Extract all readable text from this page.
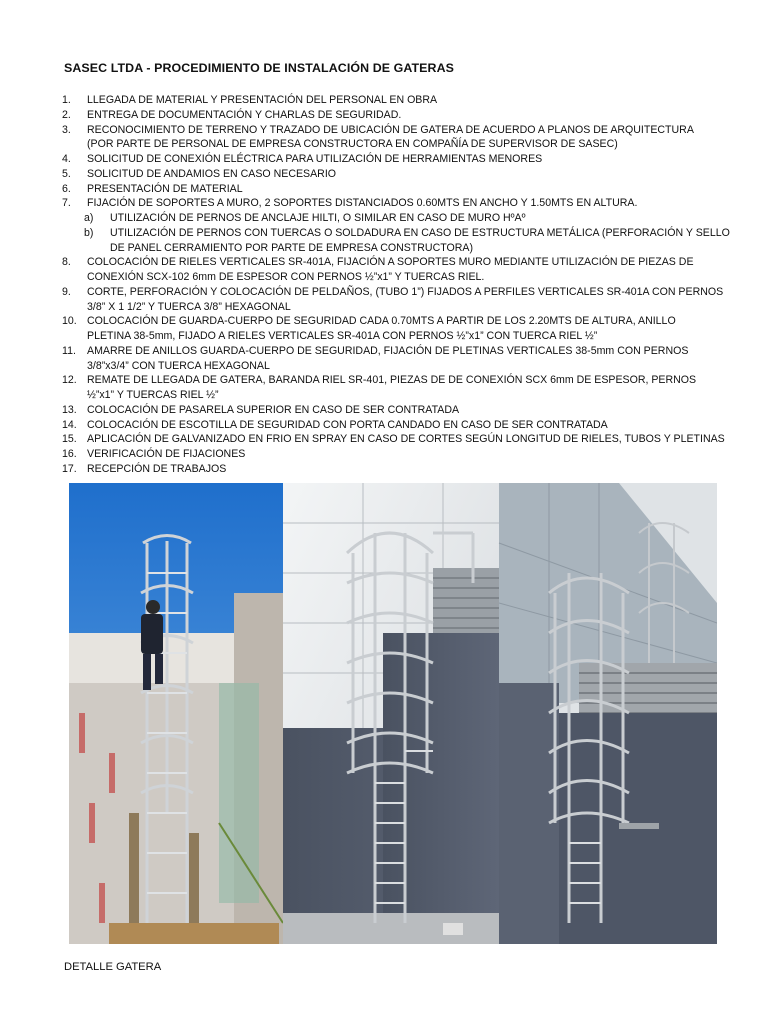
SASEC LTDA - PROCEDIMIENTO DE INSTALACIÓN DE GATERAS
1.	LLEGADA DE MATERIAL Y PRESENTACIÓN DEL PERSONAL EN OBRA
2.	ENTREGA DE DOCUMENTACIÓN Y CHARLAS DE SEGURIDAD.
3.	RECONOCIMIENTO DE TERRENO Y TRAZADO DE UBICACIÓN DE GATERA DE ACUERDO A PLANOS DE ARQUITECTURA
(POR PARTE DE PERSONAL DE EMPRESA CONSTRUCTORA EN COMPAÑÍA DE SUPERVISOR DE SASEC)
4.	SOLICITUD DE CONEXIÓN ELÉCTRICA PARA UTILIZACIÓN DE HERRAMIENTAS MENORES
5.	SOLICITUD DE ANDAMIOS EN CASO NECESARIO
6.	PRESENTACIÓN DE MATERIAL
7.	FIJACIÓN DE SOPORTES A MURO, 2 SOPORTES DISTANCIADOS 0.60MTS EN ANCHO Y 1.50MTS EN ALTURA.
a)	UTILIZACIÓN DE PERNOS DE ANCLAJE HILTI, O SIMILAR EN CASO DE MURO HºAº
b)	UTILIZACIÓN DE PERNOS CON TUERCAS O SOLDADURA EN CASO DE ESTRUCTURA METÁLICA (PERFORACIÓN Y SELLO
DE PANEL CERRAMIENTO POR PARTE DE EMPRESA CONSTRUCTORA)
8.	COLOCACIÓN DE RIELES VERTICALES SR-401A, FIJACIÓN A SOPORTES MURO MEDIANTE UTILIZACIÓN DE PIEZAS DE
CONEXIÓN SCX-102 6mm DE ESPESOR CON PERNOS ½”x1” Y TUERCAS RIEL.
9.	CORTE, PERFORACIÓN Y COLOCACIÓN DE PELDAÑOS, (TUBO 1”) FIJADOS A PERFILES VERTICALES SR-401A CON PERNOS
3/8” X 1 1/2” Y TUERCA 3/8” HEXAGONAL
10. COLOCACIÓN DE GUARDA-CUERPO DE SEGURIDAD CADA 0.70MTS A PARTIR DE LOS 2.20MTS DE ALTURA, ANILLO
PLETINA 38-5mm, FIJADO A RIELES VERTICALES SR-401A CON PERNOS ½”x1” CON TUERCA RIEL ½”
11.	AMARRE DE ANILLOS GUARDA-CUERPO DE SEGURIDAD, FIJACIÓN DE PLETINAS VERTICALES 38-5mm CON PERNOS
3/8”x3/4” CON TUERCA HEXAGONAL
12. REMATE DE LLEGADA DE GATERA, BARANDA RIEL SR-401, PIEZAS DE DE CONEXIÓN SCX 6mm DE ESPESOR, PERNOS
½”x1” Y TUERCAS RIEL ½”
13. COLOCACIÓN DE PASARELA SUPERIOR EN CASO DE SER CONTRATADA
14. COLOCACIÓN DE ESCOTILLA DE SEGURIDAD CON PORTA CANDADO EN CASO DE SER CONTRATADA
15. APLICACIÓN DE GALVANIZADO EN FRIO EN SPRAY EN CASO DE CORTES SEGÚN LONGITUD DE RIELES, TUBOS Y PLETINAS
16. VERIFICACIÓN DE FIJACIONES
17. RECEPCIÓN DE TRABAJOS
DETALLE GATERA
